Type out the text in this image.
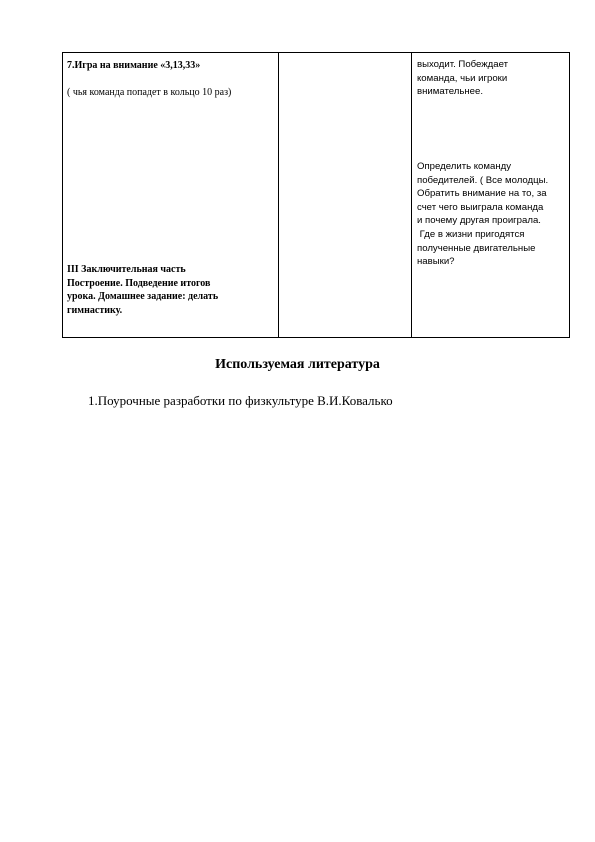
7.Игра на внимание «3,13,33»
( чья команда попадет в кольцо 10 раз)
III Заключительная часть
Построение. Подведение итогов
урока. Домашнее задание: делать
гимнастику.
выходит. Побеждает
команда, чьи игроки
внимательнее.
Определить команду
победителей. ( Все молодцы.
Обратить внимание на то, за
счет чего выиграла команда
и почему другая проиграла.
Где в жизни пригодятся
полученные двигательные
навыки?
Используемая литература
1.Поурочные разработки по физкультуре В.И.Ковалько
